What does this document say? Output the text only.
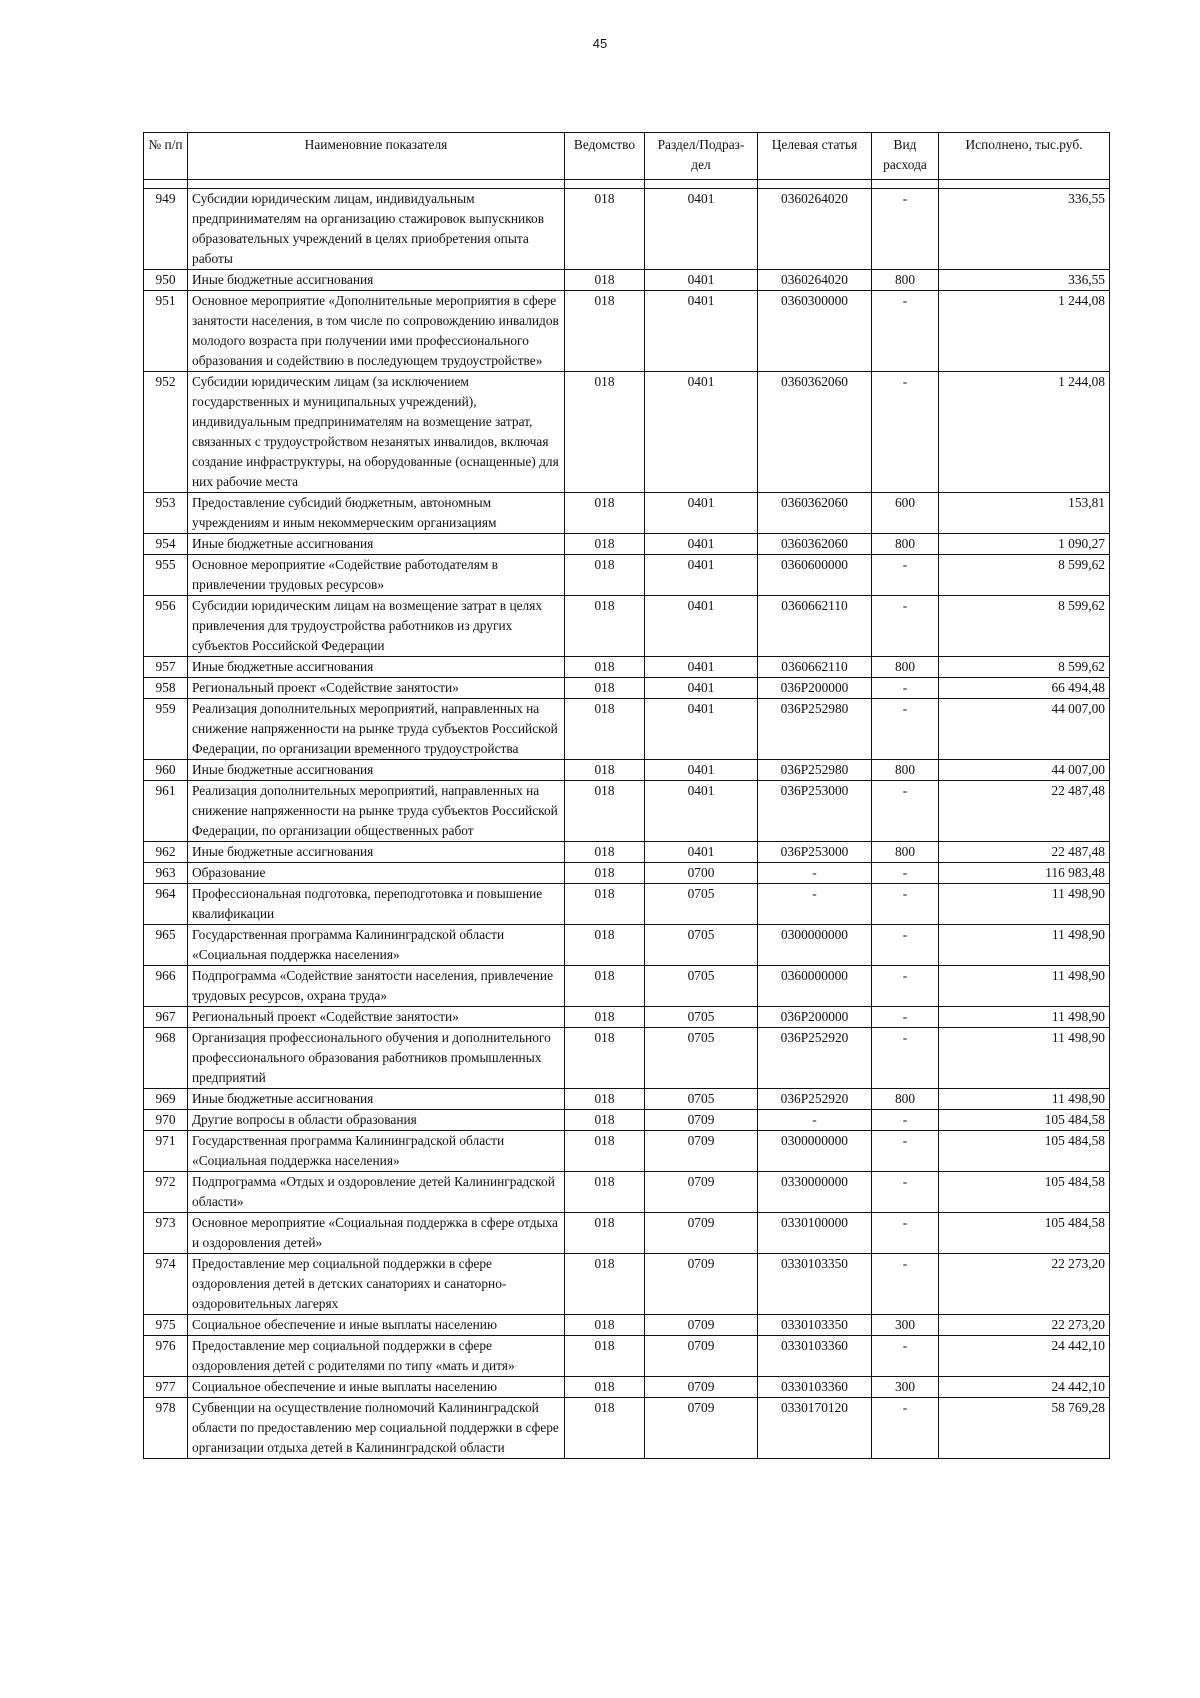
45
№ п/п	Наименовние показателя	Ведомство	Раздел/Подраз-дел	Целевая статья	Вид расхода	Исполнено, тыс.руб.

949	Субсидии юридическим лицам, индивидуальным предпринимателям на организацию стажировок выпускников образовательных учреждений в целях приобретения опыта работы	018	0401	0360264020	-	336,55
950	Иные бюджетные ассигнования	018	0401	0360264020	800	336,55
951	Основное мероприятие «Дополнительные мероприятия в сфере занятости населения, в том числе по сопровождению инвалидов молодого возраста при получении ими профессионального образования и содействию в последующем трудоустройстве»	018	0401	0360300000	-	1 244,08
952	Субсидии юридическим лицам (за исключением государственных и муниципальных учреждений), индивидуальным предпринимателям на возмещение затрат, связанных с трудоустройством незанятых инвалидов, включая создание инфраструктуры, на оборудованные (оснащенные) для них рабочие места	018	0401	0360362060	-	1 244,08
953	Предоставление субсидий бюджетным, автономным учреждениям и иным некоммерческим организациям	018	0401	0360362060	600	153,81
954	Иные бюджетные ассигнования	018	0401	0360362060	800	1 090,27
955	Основное мероприятие «Содействие работодателям в привлечении трудовых ресурсов»	018	0401	0360600000	-	8 599,62
956	Субсидии юридическим лицам на возмещение затрат в целях привлечения для трудоустройства работников из других субъектов Российской Федерации	018	0401	0360662110	-	8 599,62
957	Иные бюджетные ассигнования	018	0401	0360662110	800	8 599,62
958	Региональный проект «Содействие занятости»	018	0401	036Р200000	-	66 494,48
959	Реализация дополнительных мероприятий, направленных на снижение напряженности на рынке труда субъектов Российской Федерации, по организации временного трудоустройства	018	0401	036Р252980	-	44 007,00
960	Иные бюджетные ассигнования	018	0401	036Р252980	800	44 007,00
961	Реализация дополнительных мероприятий, направленных на снижение напряженности на рынке труда субъектов Российской Федерации, по организации общественных работ	018	0401	036Р253000	-	22 487,48
962	Иные бюджетные ассигнования	018	0401	036Р253000	800	22 487,48
963	Образование	018	0700	-	-	116 983,48
964	Профессиональная подготовка, переподготовка и повышение квалификации	018	0705	-	-	11 498,90
965	Государственная программа Калининградской области «Социальная поддержка населения»	018	0705	0300000000	-	11 498,90
966	Подпрограмма «Содействие занятости населения, привлечение трудовых ресурсов, охрана труда»	018	0705	0360000000	-	11 498,90
967	Региональный проект «Содействие занятости»	018	0705	036Р200000	-	11 498,90
968	Организация профессионального обучения и дополнительного профессионального образования работников промышленных предприятий	018	0705	036Р252920	-	11 498,90
969	Иные бюджетные ассигнования	018	0705	036Р252920	800	11 498,90
970	Другие вопросы в области образования	018	0709	-	-	105 484,58
971	Государственная программа Калининградской области «Социальная поддержка населения»	018	0709	0300000000	-	105 484,58
972	Подпрограмма «Отдых и оздоровление детей Калининградской области»	018	0709	0330000000	-	105 484,58
973	Основное мероприятие «Социальная поддержка в сфере отдыха и оздоровления детей»	018	0709	0330100000	-	105 484,58
974	Предоставление мер социальной поддержки в сфере оздоровления детей в детских санаториях и санаторно-оздоровительных лагерях	018	0709	0330103350	-	22 273,20
975	Социальное обеспечение и иные выплаты населению	018	0709	0330103350	300	22 273,20
976	Предоставление мер социальной поддержки в сфере оздоровления детей с родителями по типу «мать и дитя»	018	0709	0330103360	-	24 442,10
977	Социальное обеспечение и иные выплаты населению	018	0709	0330103360	300	24 442,10
978	Субвенции на осуществление полномочий Калининградской области по предоставлению мер социальной поддержки в сфере организации отдыха детей в Калининградской области	018	0709	0330170120	-	58 769,28
